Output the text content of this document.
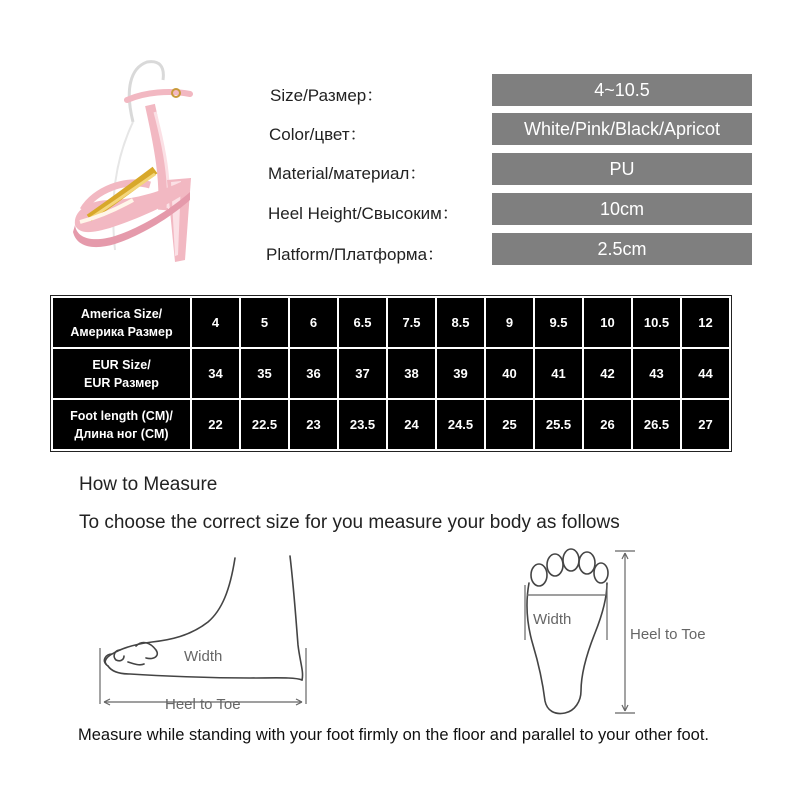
Size/Размер：	4~10.5
Color/цвет：	White/Pink/Black/Apricot
Material/материал：	PU
Heel Height/Свысоким：	10cm
Platform/Платформа：	2.5cm
America Size/
Америка Размер	4	5	6	6.5	7.5	8.5	9	9.5	10	10.5	12

EUR Size/
EUR Размер	34	35	36	37	38	39	40	41	42	43	44

Foot length (CM)/
Длина ног (CM)	22	22.5	23	23.5	24	24.5	25	25.5	26	26.5	27
How to Measure
To choose the correct size for you measure your body as follows
Width
Heel to Toe
Width
Heel to Toe
Measure while standing with your foot firmly on the floor and parallel to your other foot.
